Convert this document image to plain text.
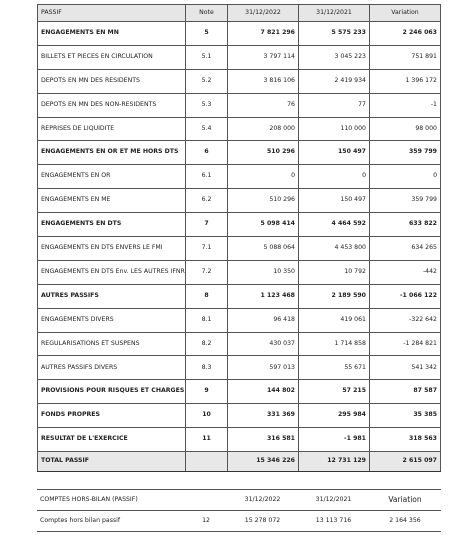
PASSIF	Note	31/12/2022	31/12/2021	Variation
ENGAGEMENTS EN MN	5	7 821 296	5 575 233	2 246 063
BILLETS ET PIECES EN CIRCULATION	5.1	3 797 114	3 045 223	751 891
DEPOTS EN MN DES RESIDENTS	5.2	3 816 106	2 419 934	1 396 172
DEPOTS EN MN DES NON-RESIDENTS	5.3	76	77	-1
REPRISES DE LIQUIDITE	5.4	208 000	110 000	98 000
ENGAGEMENTS EN OR ET ME HORS DTS	6	510 296	150 497	359 799
ENGAGEMENTS EN OR	6.1	0	0	0
ENGAGEMENTS EN ME	6.2	510 296	150 497	359 799
ENGAGEMENTS EN DTS	7	5 098 414	4 464 592	633 822
ENGAGEMENTS EN DTS ENVERS LE FMI	7.1	5 088 064	4 453 800	634 265
ENGAGEMENTS EN DTS Env. LES AUTRES IFNR	7.2	10 350	10 792	-442
AUTRES PASSIFS	8	1 123 468	2 189 590	-1 066 122
ENGAGEMENTS DIVERS	8.1	96 418	419 061	-322 642
REGULARISATIONS ET SUSPENS	8.2	430 037	1 714 858	-1 284 821
AUTRES PASSIFS DIVERS	8.3	597 013	55 671	541 342
PROVISIONS POUR RISQUES ET CHARGES	9	144 802	57 215	87 587
FONDS PROPRES	10	331 369	295 984	35 385
RESULTAT DE L'EXERCICE	11	316 581	-1 981	318 563
TOTAL PASSIF		15 346 226	12 731 129	2 615 097
COMPTES HORS-BILAN (PASSIF)		31/12/2022	31/12/2021	Variation
Comptes hors bilan passif	12	15 278 072	13 113 716	2 164 356
